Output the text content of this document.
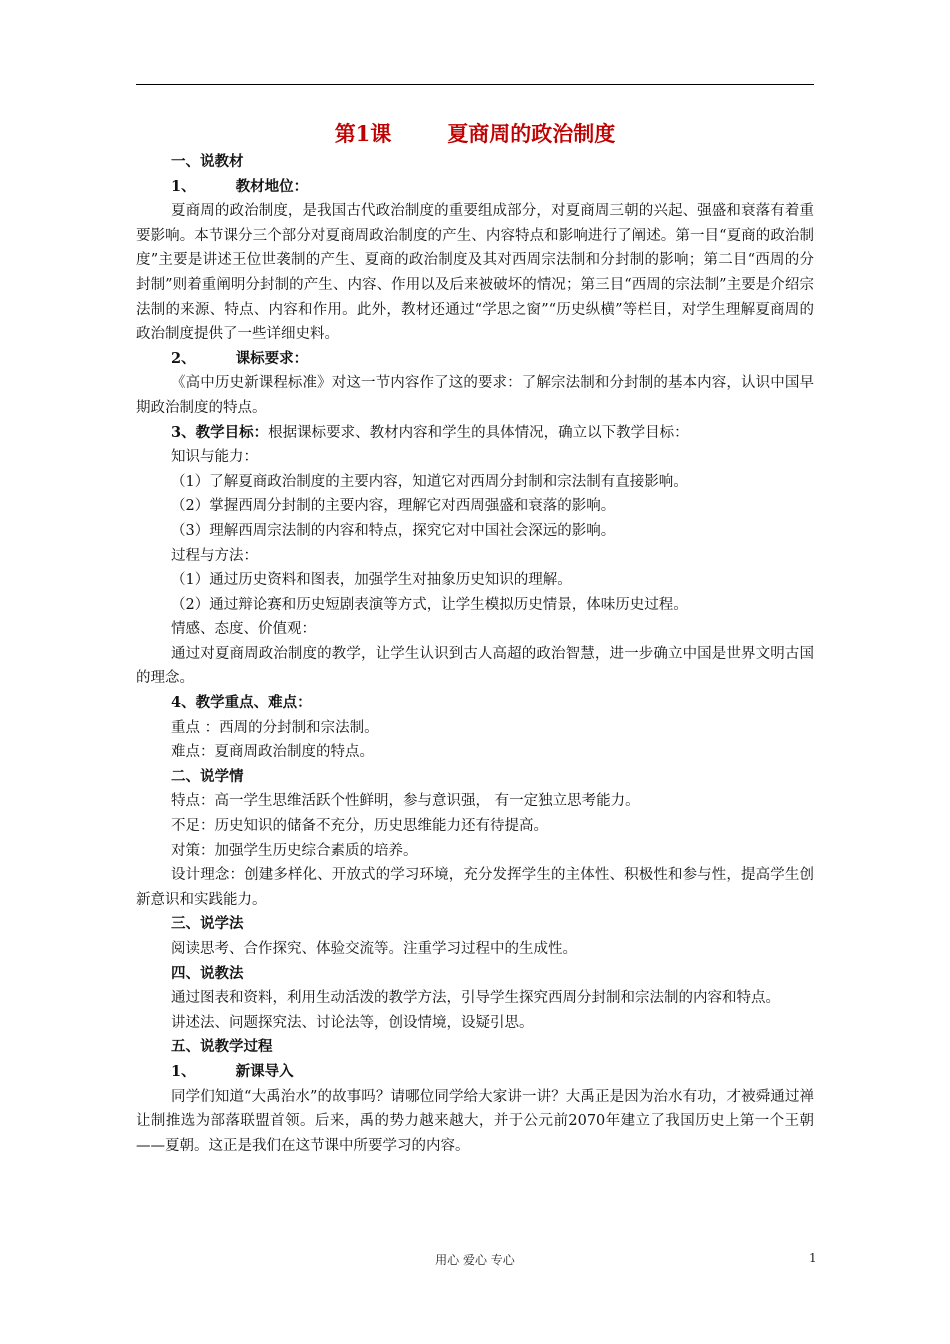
第1课	夏商周的政治制度

一、说教材

1、	教材地位：

夏商周的政治制度，是我国古代政治制度的重要组成部分，对夏商周三朝的兴起、强盛和衰落有着重要影响。本节课分三个部分对夏商周政治制度的产生、内容特点和影响进行了阐述。第一目“夏商的政治制度”主要是讲述王位世袭制的产生、夏商的政治制度及其对西周宗法制和分封制的影响；第二目“西周的分封制”则着重阐明分封制的产生、内容、作用以及后来被破坏的情况；第三目“西周的宗法制”主要是介绍宗法制的来源、特点、内容和作用。此外，教材还通过“学思之窗”“历史纵横”等栏目，对学生理解夏商周的政治制度提供了一些详细史料。

2、	课标要求：

《高中历史新课程标准》对这一节内容作了这的要求：了解宗法制和分封制的基本内容，认识中国早期政治制度的特点。

3、教学目标：根据课标要求、教材内容和学生的具体情况，确立以下教学目标：

知识与能力：

（1）了解夏商政治制度的主要内容，知道它对西周分封制和宗法制有直接影响。

（2）掌握西周分封制的主要内容，理解它对西周强盛和衰落的影响。

（3）理解西周宗法制的内容和特点，探究它对中国社会深远的影响。

过程与方法：

（1）通过历史资料和图表，加强学生对抽象历史知识的理解。

（2）通过辩论赛和历史短剧表演等方式，让学生模拟历史情景，体味历史过程。

情感、态度、价值观：

通过对夏商周政治制度的教学，让学生认识到古人高超的政治智慧，进一步确立中国是世界文明古国的理念。

4、教学重点、难点：

重点 ：西周的分封制和宗法制。

难点：夏商周政治制度的特点。

二、说学情

特点：高一学生思维活跃个性鲜明，参与意识强， 有一定独立思考能力。

不足：历史知识的储备不充分，历史思维能力还有待提高。

对策：加强学生历史综合素质的培养。

设计理念：创建多样化、开放式的学习环境，充分发挥学生的主体性、积极性和参与性，提高学生创新意识和实践能力。

三、说学法

阅读思考、合作探究、体验交流等。注重学习过程中的生成性。

四、说教法

通过图表和资料，利用生动活泼的教学方法，引导学生探究西周分封制和宗法制的内容和特点。

讲述法、问题探究法、讨论法等，创设情境，设疑引思。

五、说教学过程

1、	新课导入

同学们知道“大禹治水”的故事吗？请哪位同学给大家讲一讲？大禹正是因为治水有功，才被舜通过禅让制推选为部落联盟首领。后来，禹的势力越来越大，并于公元前2070年建立了我国历史上第一个王朝——夏朝。这正是我们在这节课中所要学习的内容。

用心 爱心 专心	1
